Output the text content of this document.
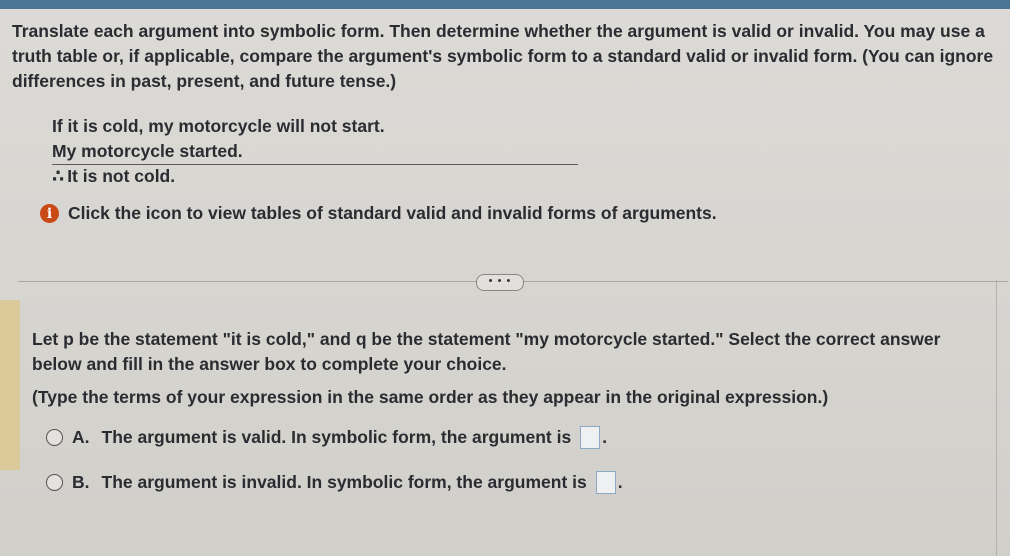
Translate each argument into symbolic form. Then determine whether the argument is valid or invalid. You may use a truth table or, if applicable, compare the argument's symbolic form to a standard valid or invalid form. (You can ignore differences in past, present, and future tense.)
If it is cold, my motorcycle will not start.
My motorcycle started.
∴ It is not cold.
i Click the icon to view tables of standard valid and invalid forms of arguments.
• • •
Let p be the statement "it is cold," and q be the statement "my motorcycle started." Select the correct answer below and fill in the answer box to complete your choice.
(Type the terms of your expression in the same order as they appear in the original expression.)
A. The argument is valid. In symbolic form, the argument is .
B. The argument is invalid. In symbolic form, the argument is .
